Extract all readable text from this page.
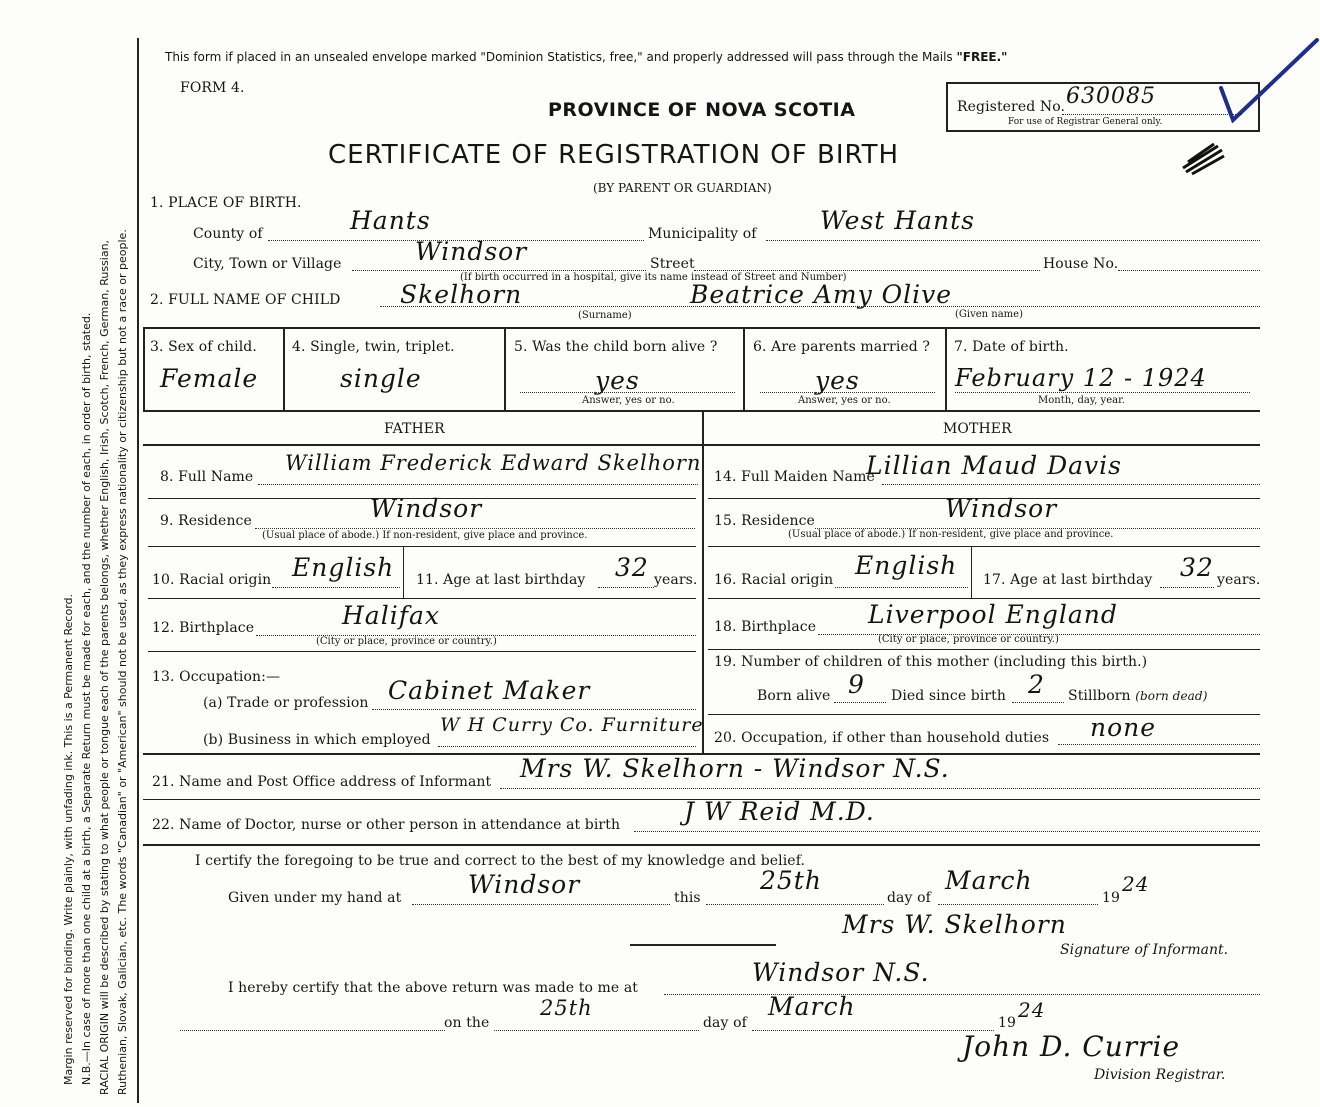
Margin reserved for binding. Write plainly, with unfading ink. This is a Permanent Record. N.B.—In case of more than one child at a birth, a Separate Return must be made for each, and the number of each, in order of birth, stated. RACIAL ORIGIN will be described by stating to what people or tongue each of the parents belongs, whether English, Irish, Scotch, French, German, Russian, Ruthenian, Slovak, Galician, etc. The words "Canadian" or "American" should not be used, as they express nationality or citizenship but not a race or people.
This form if placed in an unsealed envelope marked "Dominion Statistics, free," and properly addressed will pass through the Mails "FREE."
FORM 4.
PROVINCE OF NOVA SCOTIA
CERTIFICATE OF REGISTRATION OF BIRTH
(BY PARENT OR GUARDIAN)
Registered No. 630085
For use of Registrar General only.
1. PLACE OF BIRTH.
County of	Hants	Municipality of	West Hants
City, Town or Village	Windsor	Street	House No.
(If birth occurred in a hospital, give its name instead of Street and Number)
2. FULL NAME OF CHILD Skelhorn	Beatrice Amy Olive
(Surname)	(Given name)
3. Sex of child.
Female
4. Single, twin, triplet.
single
5. Was the child born alive ?
yes
Answer, yes or no.
6. Are parents married ?
yes
Answer, yes or no.
7. Date of birth.
February 12 - 1924
Month, day, year.
FATHER	MOTHER
8. Full Name
William Frederick Edward Skelhorn
9. Residence	Windsor
(Usual place of abode.) If non-resident, give place and province.
10. Racial origin English 11. Age at last birthday 32 years.
12. Birthplace	Halifax
(City or place, province or country.)
13. Occupation:—
(a) Trade or profession Cabinet Maker
(b) Business in which employed
W H Curry Co. Furniture
14. Full Maiden Name
Lillian Maud Davis
15. Residence	Windsor
(Usual place of abode.) If non-resident, give place and province.
16. Racial origin English 17. Age at last birthday 32 years.
18. Birthplace Liverpool England
(City or place, province or country.)
19. Number of children of this mother (including this birth.)
Born alive 9 Died since birth 2 Stillborn (born dead)
20. Occupation, if other than household duties none
21. Name and Post Office address of Informant Mrs W. Skelhorn - Windsor N.S.
22. Name of Doctor, nurse or other person in attendance at birth	J W Reid M.D.
I certify the foregoing to be true and correct to the best of my knowledge and belief.
Given under my hand at	Windsor	this
25th
day of
March
19
24
Mrs W. Skelhorn
Signature of Informant.
I hereby certify that the above return was made to me at
Windsor N.S.
on the
25th
day of
March
19
24
John D. Currie
Division Registrar.
